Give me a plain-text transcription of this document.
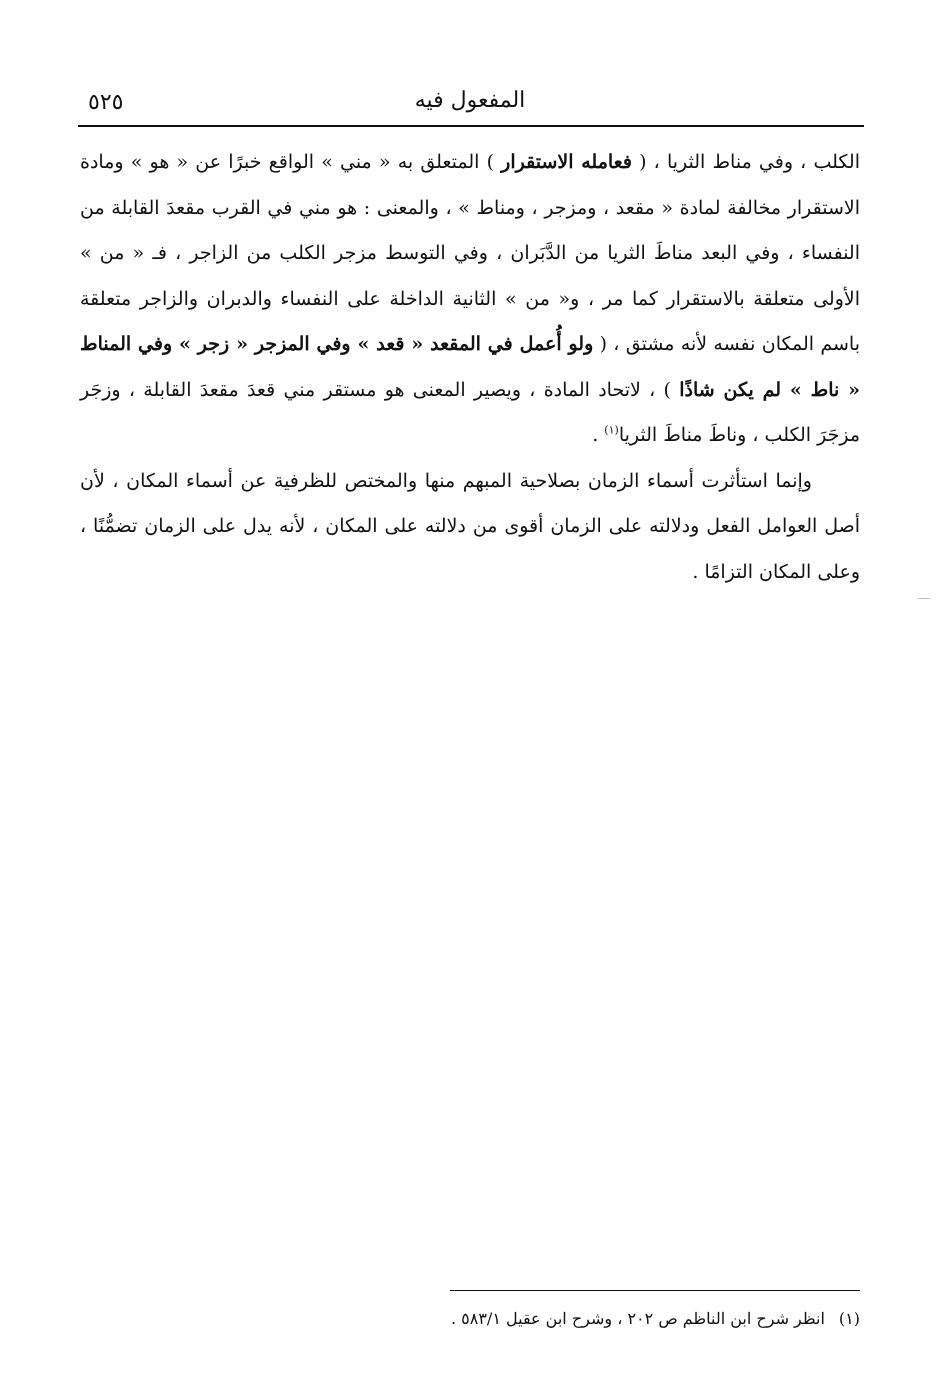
المفعول فيه
٥٢٥

الكلب ، وفي مناط الثريا ، ( فعامله الاستقرار ) المتعلق به « مني » الواقع خبرًا عن « هو » ومادة الاستقرار مخالفة لمادة « مقعد ، ومزجر ، ومناط » ، والمعنى : هو مني في القرب مقعدَ القابلة من النفساء ، وفي البعد مناطَ الثريا من الدَّبَران ، وفي التوسط مزجر الكلب من الزاجر ، فـ « من » الأولى متعلقة بالاستقرار كما مر ، و« من » الثانية الداخلة على النفساء والدبران والزاجر متعلقة باسم المكان نفسه لأنه مشتق ، ( ولو أُعمل في المقعد « قعد » وفي المزجر « زجر » وفي المناط « ناط » لم يكن شاذًا ) ، لاتحاد المادة ، ويصير المعنى هو مستقر مني قعدَ مقعدَ القابلة ، وزجَر مزجَرَ الكلب ، وناطَ مناطَ الثريا$^{(١)}$ .

وإنما استأثرت أسماء الزمان بصلاحية المبهم منها والمختص للظرفية عن أسماء المكان ، لأن أصل العوامل الفعل ودلالته على الزمان أقوى من دلالته على المكان ، لأنه يدل على الزمان تضمُّنًا ، وعلى المكان التزامًا .

(١)انظر شرح ابن الناظم ص ٢٠٢ ، وشرح ابن عقيل ٥٨٣/١ .
